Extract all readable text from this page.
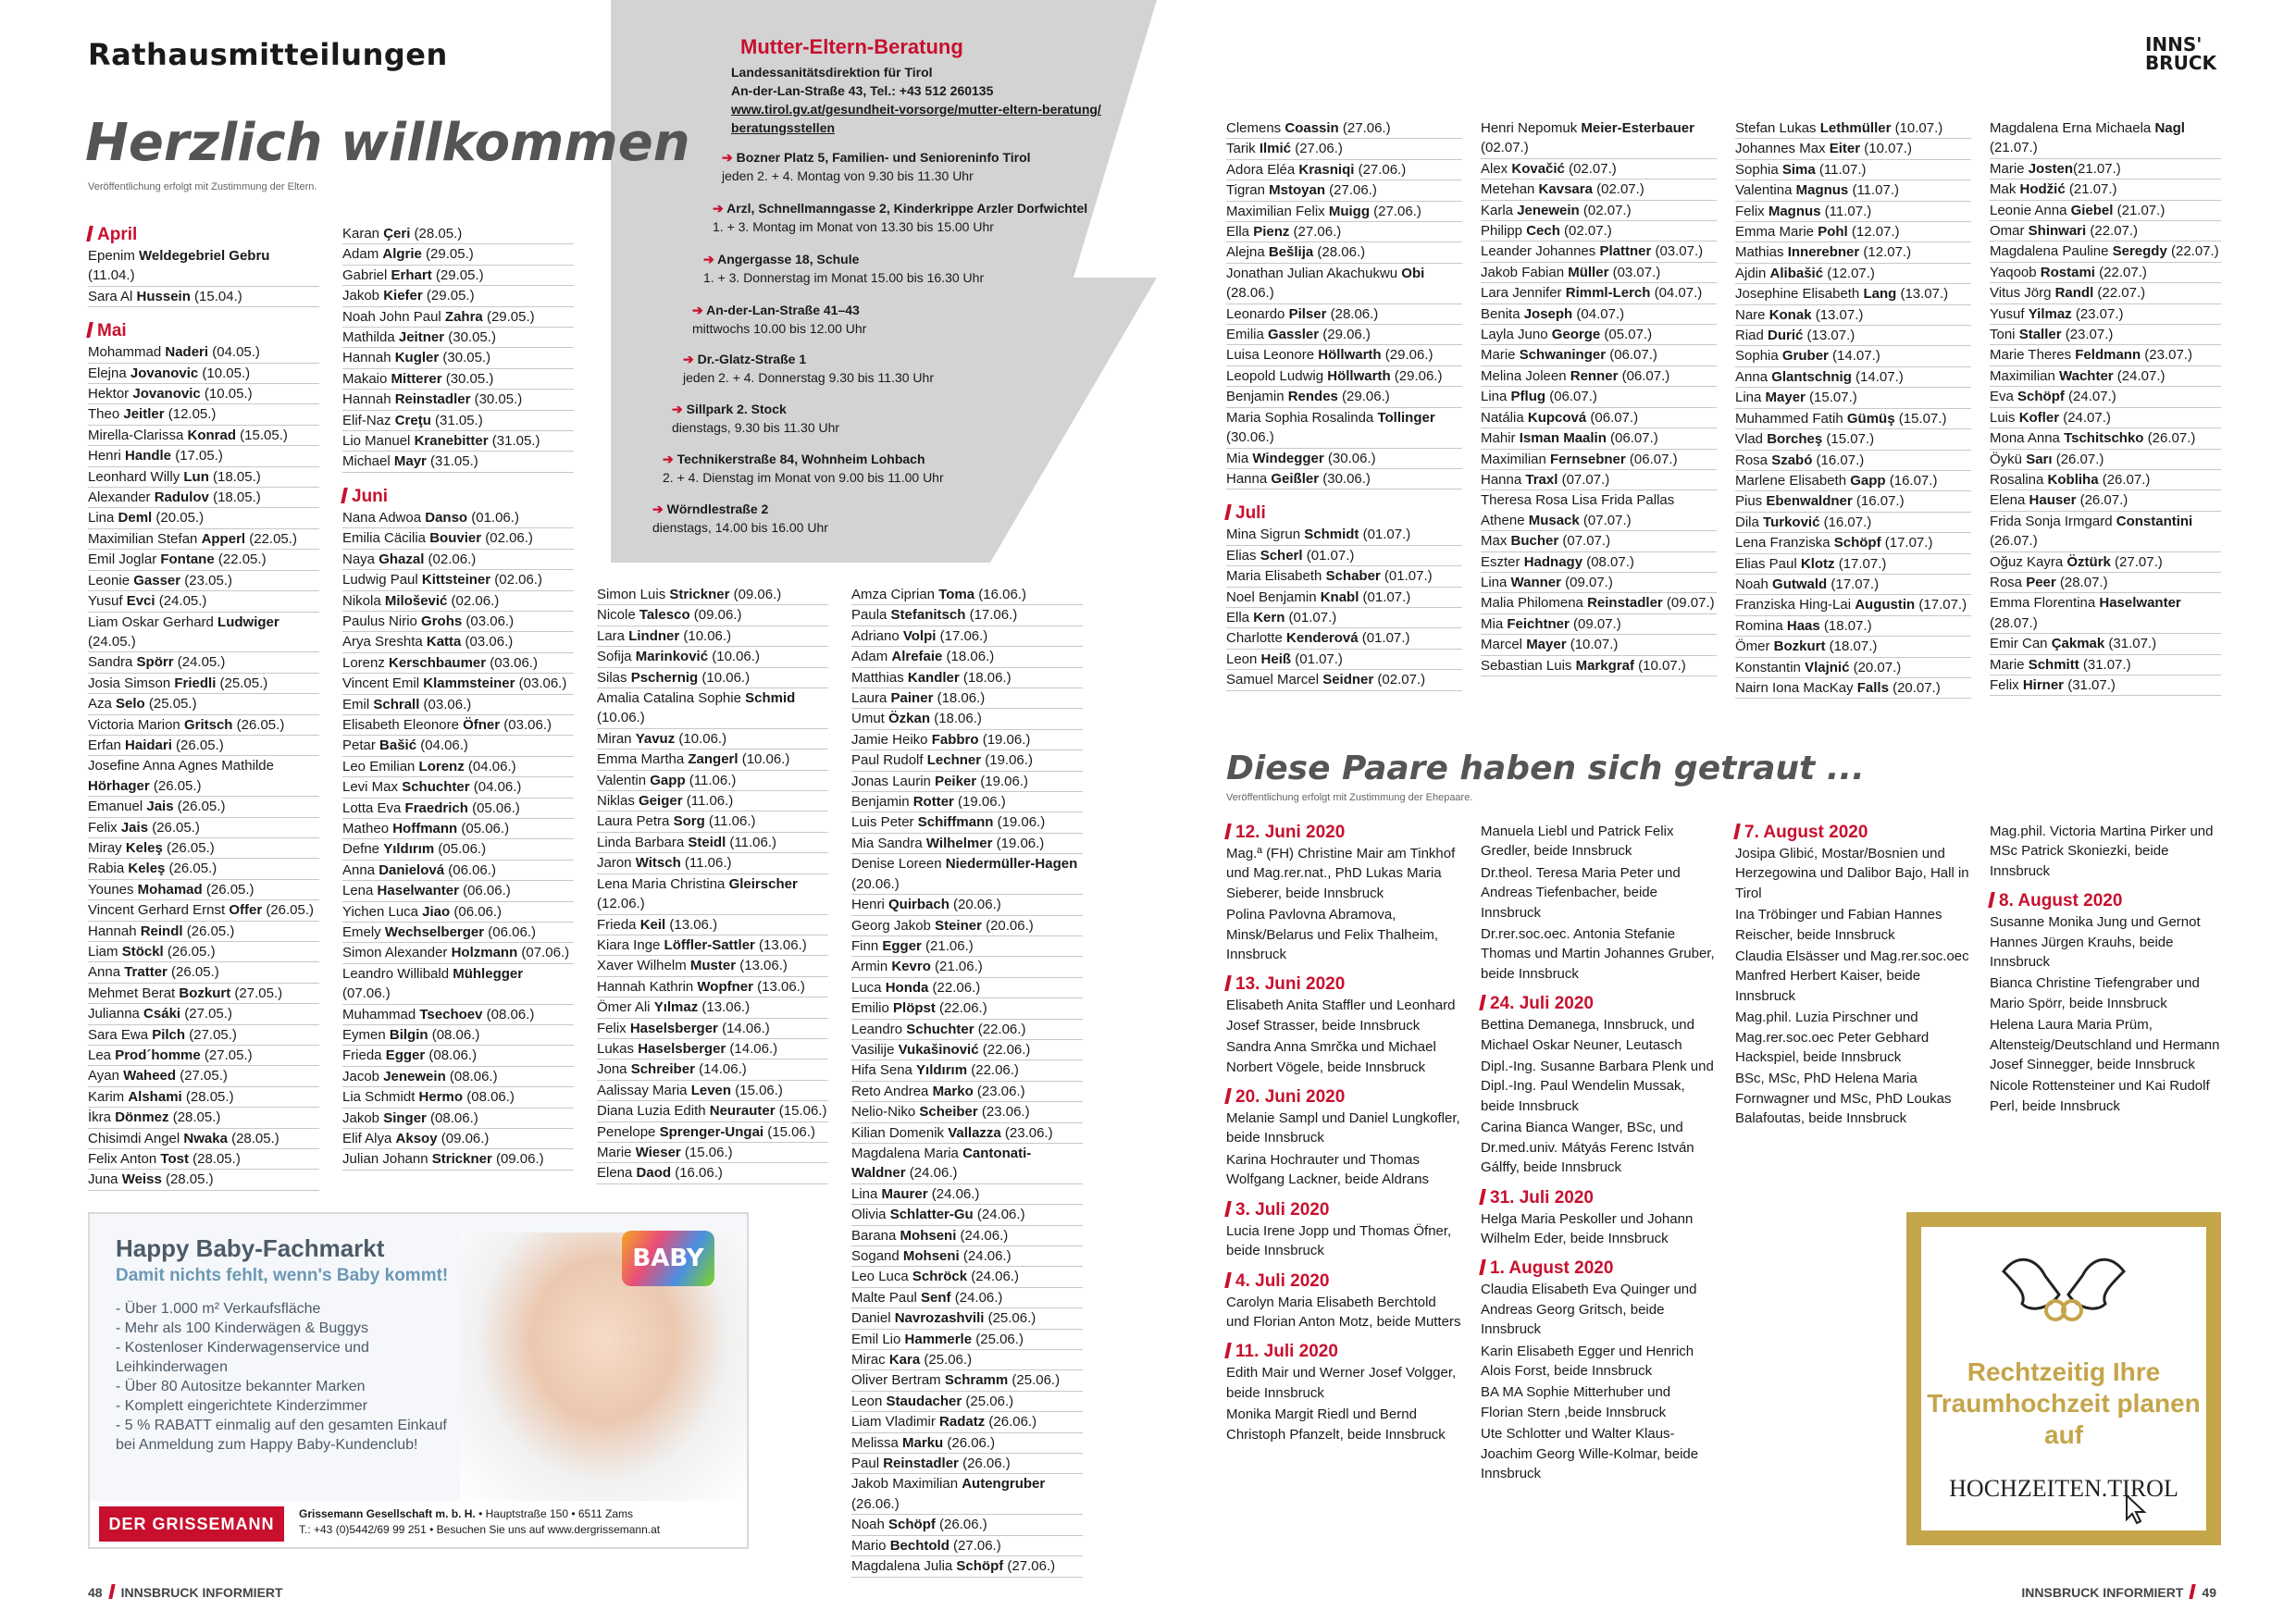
Rathausmitteilungen	INNS'
BRUCK
Mutter-Eltern-Beratung
Landessanitätsdirektion für Tirol
An-der-Lan-Straße 43, Tel.: +43 512 260135
www.tirol.gv.at/gesundheit-vorsorge/mutter-eltern-beratung/
beratungsstellen
➔ Bozner Platz 5, Familien- und Senioreninfo Tirol
jeden 2. + 4. Montag von 9.30 bis 11.30 Uhr
➔ Arzl, Schnellmanngasse 2, Kinderkrippe Arzler Dorfwichtel
1. + 3. Montag im Monat von 13.30 bis 15.00 Uhr
➔ Angergasse 18, Schule
1. + 3. Donnerstag im Monat 15.00 bis 16.30 Uhr
➔ An-der-Lan-Straße 41–43
mittwochs 10.00 bis 12.00 Uhr
➔ Dr.-Glatz-Straße 1
jeden 2. + 4. Donnerstag 9.30 bis 11.30 Uhr
➔ Sillpark 2. Stock
dienstags, 9.30 bis 11.30 Uhr
➔ Technikerstraße 84, Wohnheim Lohbach
2. + 4. Dienstag im Monat von 9.00 bis 11.00 Uhr
➔ Wörndlestraße 2
dienstags, 14.00 bis 16.00 Uhr
Herzlich willkommen
Veröffentlichung erfolgt mit Zustimmung der Eltern.
April
Epenim Weldegebriel Gebru (11.04.)
Sara Al Hussein (15.04.)
Mai
Mohammad Naderi (04.05.)
Elejna Jovanovic (10.05.)
Hektor Jovanovic (10.05.)
Theo Jeitler (12.05.)
Mirella-Clarissa Konrad (15.05.)
Henri Handle (17.05.)
Leonhard Willy Lun (18.05.)
Alexander Radulov (18.05.)
Lina Deml (20.05.)
Maximilian Stefan Apperl (22.05.)
Emil Joglar Fontane (22.05.)
Leonie Gasser (23.05.)
Yusuf Evci (24.05.)
Liam Oskar Gerhard Ludwiger (24.05.)
Sandra Spörr (24.05.)
Josia Simson Friedli (25.05.)
Aza Selo (25.05.)
Victoria Marion Gritsch (26.05.)
Erfan Haidari (26.05.)
Josefine Anna Agnes Mathilde Hörhager (26.05.)
Emanuel Jais (26.05.)
Felix Jais (26.05.)
Miray Keleş (26.05.)
Rabia Keleş (26.05.)
Younes Mohamad (26.05.)
Vincent Gerhard Ernst Offer (26.05.)
Hannah Reindl (26.05.)
Liam Stöckl (26.05.)
Anna Tratter (26.05.)
Mehmet Berat Bozkurt (27.05.)
Julianna Csáki (27.05.)
Sara Ewa Pilch (27.05.)
Lea Prod´homme (27.05.)
Ayan Waheed (27.05.)
Karim Alshami (28.05.)
İkra Dönmez (28.05.)
Chisimdi Angel Nwaka (28.05.)
Felix Anton Tost (28.05.)
Juna Weiss (28.05.)
Karan Çeri (28.05.)
Adam Algrie (29.05.)
Gabriel Erhart (29.05.)
Jakob Kiefer (29.05.)
Noah John Paul Zahra (29.05.)
Mathilda Jeitner (30.05.)
Hannah Kugler (30.05.)
Makaio Mitterer (30.05.)
Hannah Reinstadler (30.05.)
Elif-Naz Creţu (31.05.)
Lio Manuel Kranebitter (31.05.)
Michael Mayr (31.05.)
Juni
Nana Adwoa Danso (01.06.)
Emilia Cäcilia Bouvier (02.06.)
Naya Ghazal (02.06.)
Ludwig Paul Kittsteiner (02.06.)
Nikola Milošević (02.06.)
Paulus Nirio Grohs (03.06.)
Arya Sreshta Katta (03.06.)
Lorenz Kerschbaumer (03.06.)
Vincent Emil Klammsteiner (03.06.)
Emil Schrall (03.06.)
Elisabeth Eleonore Öfner (03.06.)
Petar Bašić (04.06.)
Leo Emilian Lorenz (04.06.)
Levi Max Schuchter (04.06.)
Lotta Eva Fraedrich (05.06.)
Matheo Hoffmann (05.06.)
Defne Yıldırım (05.06.)
Anna Danielová (06.06.)
Lena Haselwanter (06.06.)
Yichen Luca Jiao (06.06.)
Emely Wechselberger (06.06.)
Simon Alexander Holzmann (07.06.)
Leandro Willibald Mühlegger (07.06.)
Muhammad Tsechoev (08.06.)
Eymen Bilgin (08.06.)
Frieda Egger (08.06.)
Jacob Jenewein (08.06.)
Lia Schmidt Hermo (08.06.)
Jakob Singer (08.06.)
Elif Alya Aksoy (09.06.)
Julian Johann Strickner (09.06.)
Simon Luis Strickner (09.06.)
Nicole Talesco (09.06.)
Lara Lindner (10.06.)
Sofija Marinković (10.06.)
Silas Pschernig (10.06.)
Amalia Catalina Sophie Schmid (10.06.)
Miran Yavuz (10.06.)
Emma Martha Zangerl (10.06.)
Valentin Gapp (11.06.)
Niklas Geiger (11.06.)
Laura Petra Sorg (11.06.)
Linda Barbara Steidl (11.06.)
Jaron Witsch (11.06.)
Lena Maria Christina Gleirscher (12.06.)
Frieda Keil (13.06.)
Kiara Inge Löffler-Sattler (13.06.)
Xaver Wilhelm Muster (13.06.)
Hannah Kathrin Wopfner (13.06.)
Ömer Ali Yılmaz (13.06.)
Felix Haselsberger (14.06.)
Lukas Haselsberger (14.06.)
Jona Schreiber (14.06.)
Aalissay Maria Leven (15.06.)
Diana Luzia Edith Neurauter (15.06.)
Penelope Sprenger-Ungai (15.06.)
Marie Wieser (15.06.)
Elena Daod (16.06.)
Amza Ciprian Toma (16.06.)
Paula Stefanitsch (17.06.)
Adriano Volpi (17.06.)
Adam Alrefaie (18.06.)
Matthias Kandler (18.06.)
Laura Painer (18.06.)
Umut Özkan (18.06.)
Jamie Heiko Fabbro (19.06.)
Paul Rudolf Lechner (19.06.)
Jonas Laurin Peiker (19.06.)
Benjamin Rotter (19.06.)
Luis Peter Schiffmann (19.06.)
Mia Sandra Wilhelmer (19.06.)
Denise Loreen Niedermüller-Hagen (20.06.)
Henri Quirbach (20.06.)
Georg Jakob Steiner (20.06.)
Finn Egger (21.06.)
Armin Kevro (21.06.)
Luca Honda (22.06.)
Emilio Plöpst (22.06.)
Leandro Schuchter (22.06.)
Vasilije Vukašinović (22.06.)
Hifa Sena Yıldırım (22.06.)
Reto Andrea Marko (23.06.)
Nelio-Niko Scheiber (23.06.)
Kilian Domenik Vallazza (23.06.)
Magdalena Maria Cantonati-Waldner (24.06.)
Lina Maurer (24.06.)
Olivia Schlatter-Gu (24.06.)
Barana Mohseni (24.06.)
Sogand Mohseni (24.06.)
Leo Luca Schröck (24.06.)
Malte Paul Senf (24.06.)
Daniel Navrozashvili (25.06.)
Emil Lio Hammerle (25.06.)
Mirac Kara (25.06.)
Oliver Bertram Schramm (25.06.)
Leon Staudacher (25.06.)
Liam Vladimir Radatz (26.06.)
Melissa Marku (26.06.)
Paul Reinstadler (26.06.)
Jakob Maximilian Autengruber (26.06.)
Noah Schöpf (26.06.)
Mario Bechtold (27.06.)
Magdalena Julia Schöpf (27.06.)
Clemens Coassin (27.06.)
Tarik Ilmić (27.06.)
Adora Eléa Krasniqi (27.06.)
Tigran Mstoyan (27.06.)
Maximilian Felix Muigg (27.06.)
Ella Pienz (27.06.)
Alejna Bešlija (28.06.)
Jonathan Julian Akachukwu Obi (28.06.)
Leonardo Pilser (28.06.)
Emilia Gassler (29.06.)
Luisa Leonore Höllwarth (29.06.)
Leopold Ludwig Höllwarth (29.06.)
Benjamin Rendes (29.06.)
Maria Sophia Rosalinda Tollinger (30.06.)
Mia Windegger (30.06.)
Hanna Geißler (30.06.)
Juli
Mina Sigrun Schmidt (01.07.)
Elias Scherl (01.07.)
Maria Elisabeth Schaber (01.07.)
Noel Benjamin Knabl (01.07.)
Ella Kern (01.07.)
Charlotte Kenderová (01.07.)
Leon Heiß (01.07.)
Samuel Marcel Seidner (02.07.)
Henri Nepomuk Meier-Esterbauer (02.07.)
Alex Kovačić (02.07.)
Metehan Kavsara (02.07.)
Karla Jenewein (02.07.)
Philipp Cech (02.07.)
Leander Johannes Plattner (03.07.)
Jakob Fabian Müller (03.07.)
Lara Jennifer Rimml-Lerch (04.07.)
Benita Joseph (04.07.)
Layla Juno George (05.07.)
Marie Schwaninger (06.07.)
Melina Joleen Renner (06.07.)
Lina Pflug (06.07.)
Natália Kupcová (06.07.)
Mahir Isman Maalin (06.07.)
Maximilian Fernsebner (06.07.)
Hanna Traxl (07.07.)
Theresa Rosa Lisa Frida Pallas Athene Musack (07.07.)
Max Bucher (07.07.)
Eszter Hadnagy (08.07.)
Lina Wanner (09.07.)
Malia Philomena Reinstadler (09.07.)
Mia Feichtner (09.07.)
Marcel Mayer (10.07.)
Sebastian Luis Markgraf (10.07.)
Stefan Lukas Lethmüller (10.07.)
Johannes Max Eiter (10.07.)
Sophia Sima (11.07.)
Valentina Magnus (11.07.)
Felix Magnus (11.07.)
Emma Marie Pohl (12.07.)
Mathias Innerebner (12.07.)
Ajdin Alibašić (12.07.)
Josephine Elisabeth Lang (13.07.)
Nare Konak (13.07.)
Riad Durić (13.07.)
Sophia Gruber (14.07.)
Anna Glantschnig (14.07.)
Lina Mayer (15.07.)
Muhammed Fatih Gümüş (15.07.)
Vlad Borcheş (15.07.)
Rosa Szabó (16.07.)
Marlene Elisabeth Gapp (16.07.)
Pius Ebenwaldner (16.07.)
Dila Turković (16.07.)
Lena Franziska Schöpf (17.07.)
Elias Paul Klotz (17.07.)
Noah Gutwald (17.07.)
Franziska Hing-Lai Augustin (17.07.)
Romina Haas (18.07.)
Ömer Bozkurt (18.07.)
Konstantin Vlajnić (20.07.)
Nairn Iona MacKay Falls (20.07.)
Magdalena Erna Michaela Nagl (21.07.)
Marie Josten(21.07.)
Mak Hodžić (21.07.)
Leonie Anna Giebel (21.07.)
Omar Shinwari (22.07.)
Magdalena Pauline Seregdy (22.07.)
Yaqoob Rostami (22.07.)
Vitus Jörg Randl (22.07.)
Yusuf Yilmaz (23.07.)
Toni Staller (23.07.)
Marie Theres Feldmann (23.07.)
Maximilian Wachter (24.07.)
Eva Schöpf (24.07.)
Luis Kofler (24.07.)
Mona Anna Tschitschko (26.07.)
Öykü Sarı (26.07.)
Rosalina Kobliha (26.07.)
Elena Hauser (26.07.)
Frida Sonja Irmgard Constantini (26.07.)
Oğuz Kayra Öztürk (27.07.)
Rosa Peer (28.07.)
Emma Florentina Haselwanter (28.07.)
Emir Can Çakmak (31.07.)
Marie Schmitt (31.07.)
Felix Hirner (31.07.)
BABY
Happy Baby-Fachmarkt
Damit nichts fehlt, wenn's Baby kommt!
- Über 1.000 m² Verkaufsfläche
- Mehr als 100 Kinderwägen & Buggys
- Kostenloser Kinderwagenservice und Leihkinderwagen
- Über 80 Autositze bekannter Marken
- Komplett eingerichtete Kinderzimmer
- 5 % RABATT einmalig auf den gesamten Einkauf bei Anmeldung zum Happy Baby-Kundenclub!
DER GRISSEMANN
Grissemann Gesellschaft m. b. H. • Hauptstraße 150 • 6511 Zams
T.: +43 (0)5442/69 99 251 • Besuchen Sie uns auf www.dergrissemann.at
Diese Paare haben sich getraut ...
Veröffentlichung erfolgt mit Zustimmung der Ehepaare.
12. Juni 2020
Mag.ª (FH) Christine Mair am Tinkhof und Mag.rer.nat., PhD Lukas Maria Sieberer, beide Innsbruck
Polina Pavlovna Abramova, Minsk/Belarus und Felix Thalheim, Innsbruck
13. Juni 2020
Elisabeth Anita Staffler und Leonhard Josef Strasser, beide Innsbruck
Sandra Anna Smrčka und Michael Norbert Vögele, beide Innsbruck
20. Juni 2020
Melanie Sampl und Daniel Lungkofler, beide Innsbruck
Karina Hochrauter und Thomas Wolfgang Lackner, beide Aldrans
3. Juli 2020
Lucia Irene Jopp und Thomas Öfner, beide Innsbruck
4. Juli 2020
Carolyn Maria Elisabeth Berchtold und Florian Anton Motz, beide Mutters
11. Juli 2020
Edith Mair und Werner Josef Volgger, beide Innsbruck
Monika Margit Riedl und Bernd Christoph Pfanzelt, beide Innsbruck
Manuela Liebl und Patrick Felix Gredler, beide Innsbruck
Dr.theol. Teresa Maria Peter und Andreas Tiefenbacher, beide Innsbruck
Dr.rer.soc.oec. Antonia Stefanie Thomas und Martin Johannes Gruber, beide Innsbruck
24. Juli 2020
Bettina Demanega, Innsbruck, und Michael Oskar Neuner, Leutasch
Dipl.-Ing. Susanne Barbara Plenk und Dipl.-Ing. Paul Wendelin Mussak, beide Innsbruck
Carina Bianca Wanger, BSc, und Dr.med.univ. Mátyás Ferenc István Gálffy, beide Innsbruck
31. Juli 2020
Helga Maria Peskoller und Johann Wilhelm Eder, beide Innsbruck
1. August 2020
Claudia Elisabeth Eva Quinger und Andreas Georg Gritsch, beide Innsbruck
Karin Elisabeth Egger und Henrich Alois Forst, beide Innsbruck
BA MA Sophie Mitterhuber und Florian Stern ,beide Innsbruck
Ute Schlotter und Walter Klaus-Joachim Georg Wille-Kolmar, beide Innsbruck
7. August 2020
Josipa Glibić, Mostar/Bosnien und Herzegowina und Dalibor Bajo, Hall in Tirol
Ina Tröbinger und Fabian Hannes Reischer, beide Innsbruck
Claudia Elsässer und Mag.rer.soc.oec Manfred Herbert Kaiser, beide Innsbruck
Mag.phil. Luzia Pirschner und Mag.rer.soc.oec Peter Gebhard Hackspiel, beide Innsbruck
BSc, MSc, PhD Helena Maria Fornwagner und MSc, PhD Loukas Balafoutas, beide Innsbruck
Mag.phil. Victoria Martina Pirker und MSc Patrick Skoniezki, beide Innsbruck
8. August 2020
Susanne Monika Jung und Gernot Hannes Jürgen Krauhs, beide Innsbruck
Bianca Christine Tiefengraber und Mario Spörr, beide Innsbruck
Helena Laura Maria Prüm, Altensteig/Deutschland und Hermann Josef Sinnegger, beide Innsbruck
Nicole Rottensteiner und Kai Rudolf Perl, beide Innsbruck
Rechtzeitig Ihre Traumhochzeit planen auf
HOCHZEITEN.TIROL
48 INNSBRUCK INFORMIERT	INNSBRUCK INFORMIERT 49
